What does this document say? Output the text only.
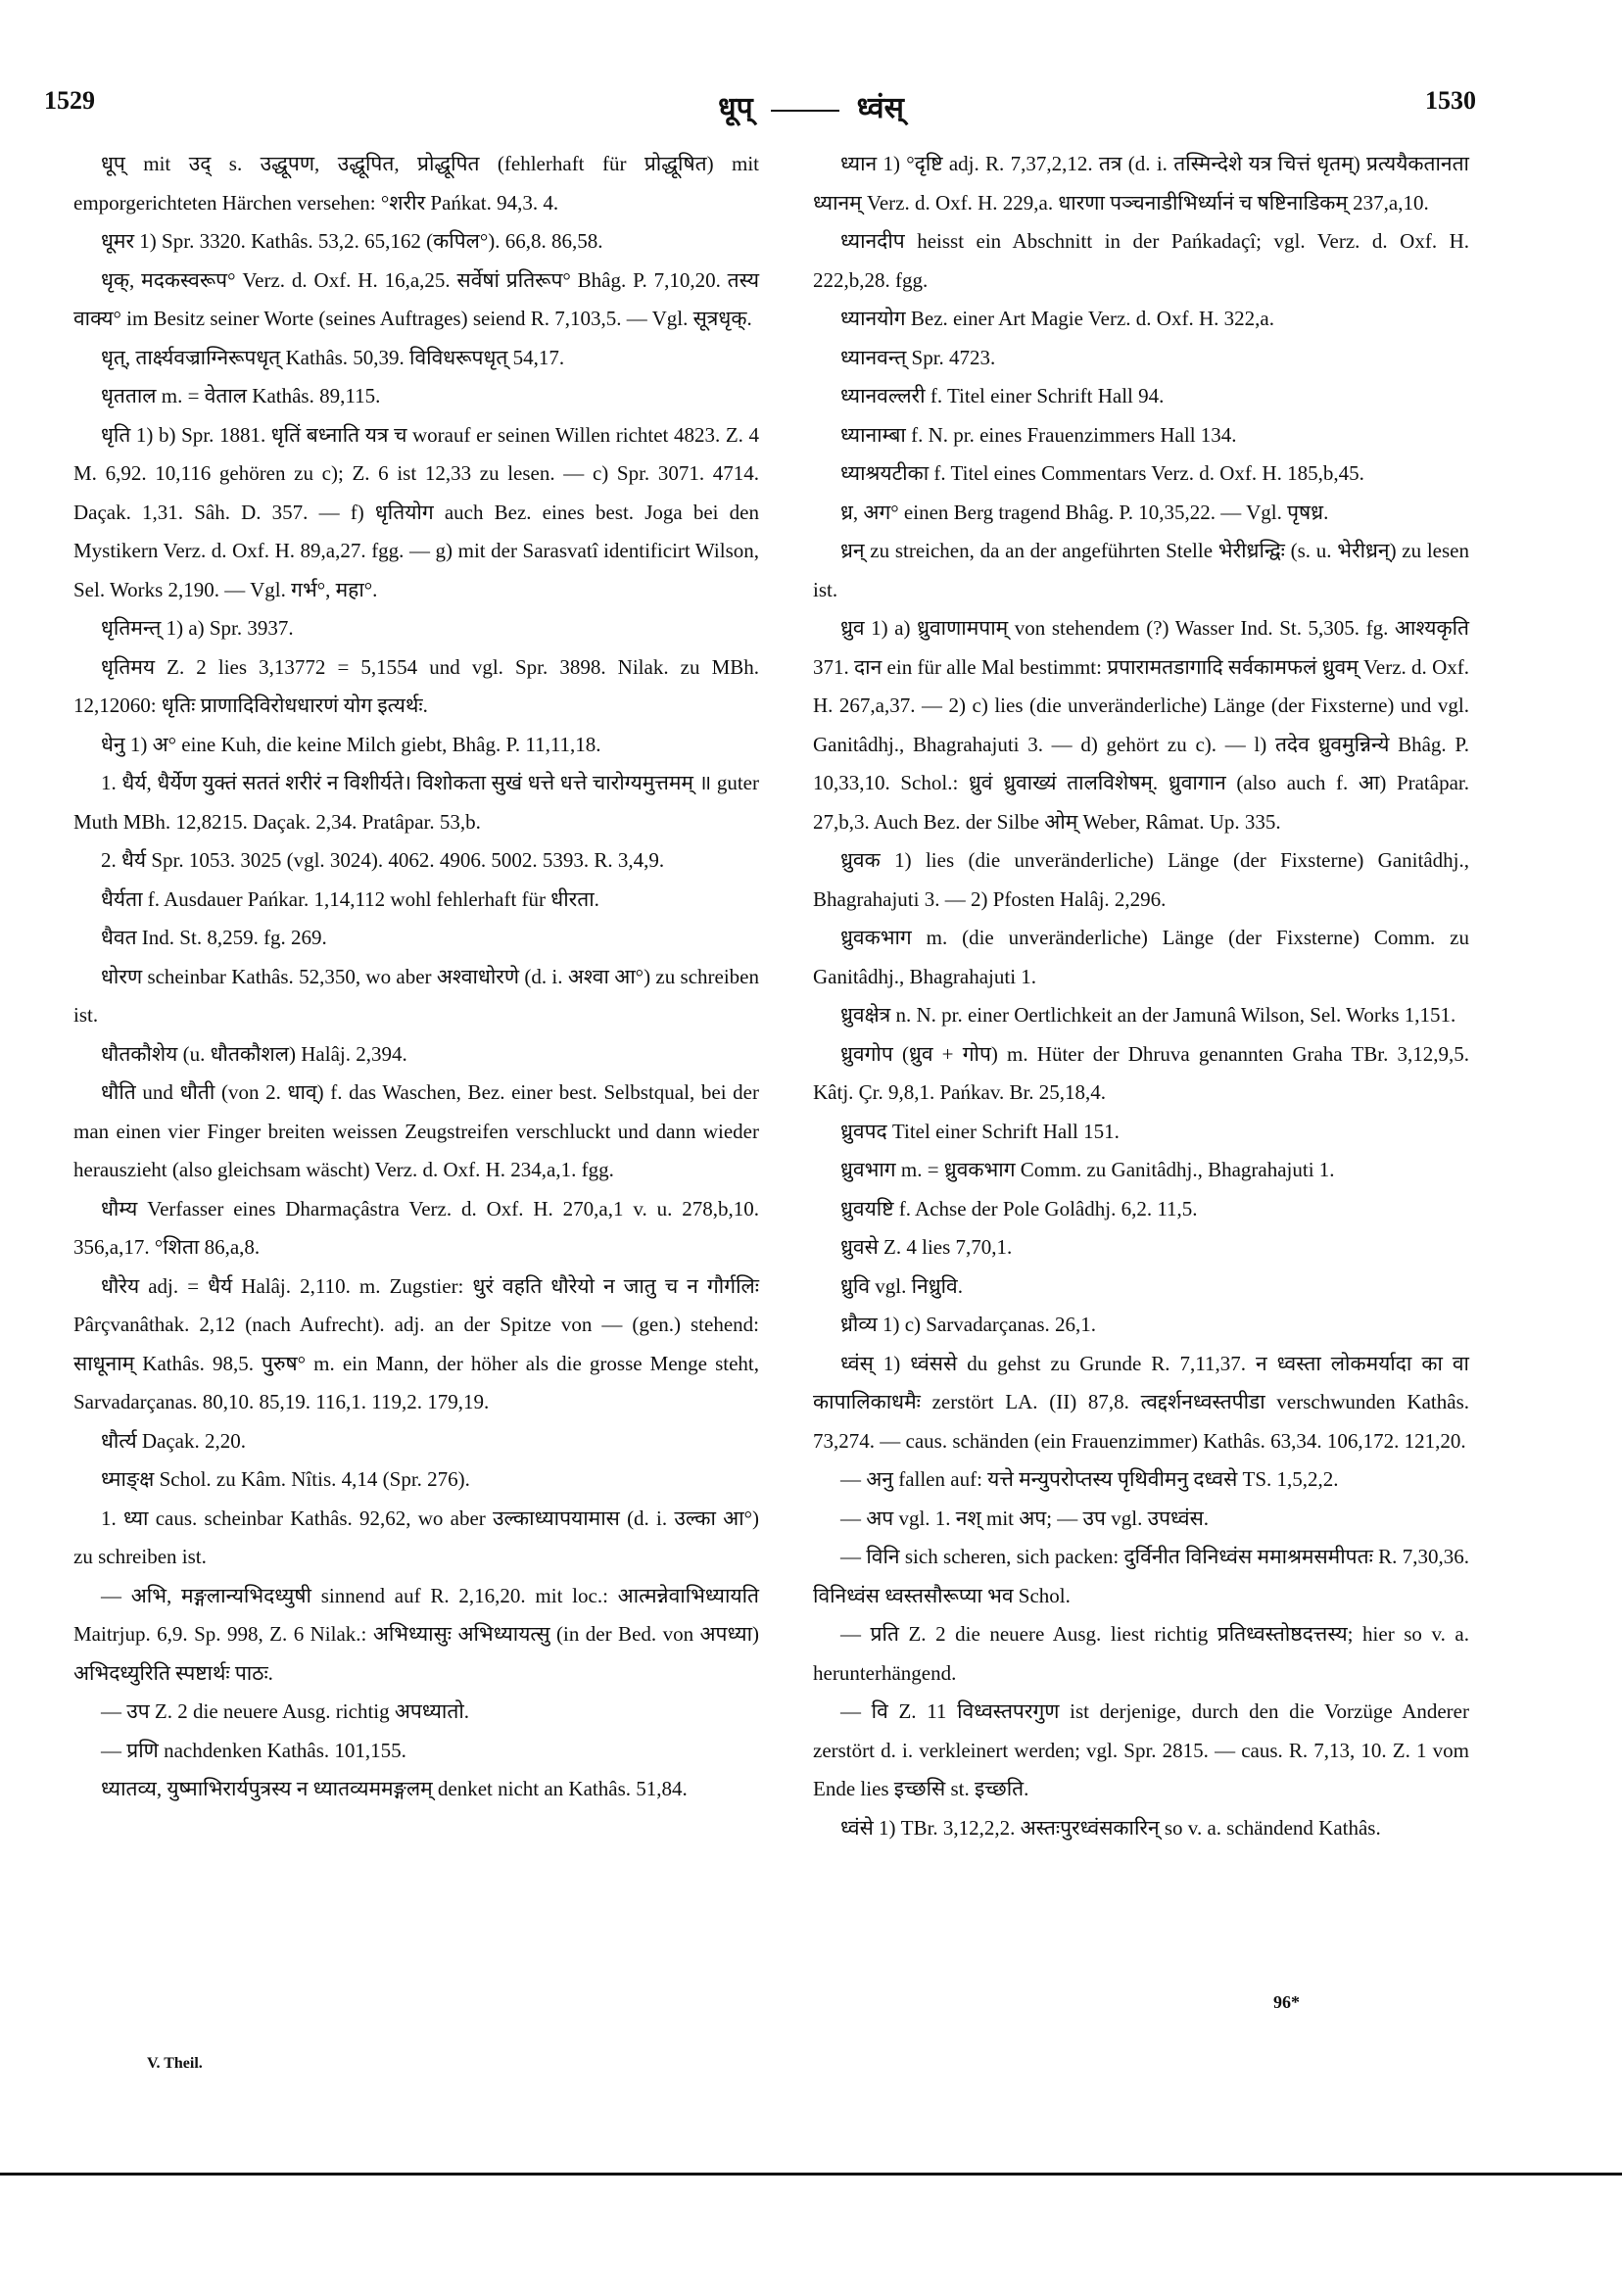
1529	धूप्	ध्वंस्	1530

धूप् mit उद् s. उद्धूपण, उद्धूपित, प्रोद्धूपित (fehlerhaft für प्रोद्धूषित) mit emporgerichteten Härchen versehen: °शरीर Pańkat. 94,3. 4.

धूमर 1) Spr. 3320. Kathâs. 53,2. 65,162 (कपिल°). 66,8. 86,58.

धृक्, मदकस्वरूप° Verz. d. Oxf. H. 16,a,25. सर्वेषां प्रतिरूप° Bhâg. P. 7,10,20. तस्य वाक्य° im Besitz seiner Worte (seines Auftrages) seiend R. 7,103,5. — Vgl. सूत्रधृक्.

धृत्, तार्क्ष्यवज्राग्निरूपधृत् Kathâs. 50,39. विविधरूपधृत् 54,17.

धृतताल m. = वेताल Kathâs. 89,115.

धृति 1) b) Spr. 1881. धृतिं बध्नाति यत्र च worauf er seinen Willen richtet 4823. Z. 4 M. 6,92. 10,116 gehören zu c); Z. 6 ist 12,33 zu lesen. — c) Spr. 3071. 4714. Daçak. 1,31. Sâh. D. 357. — f) धृतियोग auch Bez. eines best. Joga bei den Mystikern Verz. d. Oxf. H. 89,a,27. fgg. — g) mit der Sarasvatî identificirt Wilson, Sel. Works 2,190. — Vgl. गर्भ°, महा°.

धृतिमन्त् 1) a) Spr. 3937.

धृतिमय Z. 2 lies 3,13772 = 5,1554 und vgl. Spr. 3898. Nilak. zu MBh. 12,12060: धृतिः प्राणादिविरोधधारणं योग इत्यर्थः.

धेनु 1) अ° eine Kuh, die keine Milch giebt, Bhâg. P. 11,11,18.

1. धैर्य, धैर्येण युक्तं सततं शरीरं न विशीर्यते। विशोकता सुखं धत्ते धत्ते चारोग्यमुत्तमम् ॥ guter Muth MBh. 12,8215. Daçak. 2,34. Pratâpar. 53,b.

2. धैर्य Spr. 1053. 3025 (vgl. 3024). 4062. 4906. 5002. 5393. R. 3,4,9.

धैर्यता f. Ausdauer Pańkar. 1,14,112 wohl fehlerhaft für धीरता.

धैवत Ind. St. 8,259. fg. 269.

धोरण scheinbar Kathâs. 52,350, wo aber अश्वाधोरणे (d. i. अश्वा आ°) zu schreiben ist.

धौतकौशेय (u. धौतकौशल) Halâj. 2,394.

धौति und धौती (von 2. धाव्) f. das Waschen, Bez. einer best. Selbstqual, bei der man einen vier Finger breiten weissen Zeugstreifen verschluckt und dann wieder herauszieht (also gleichsam wäscht) Verz. d. Oxf. H. 234,a,1. fgg.

धौम्य Verfasser eines Dharmaçâstra Verz. d. Oxf. H. 270,a,1 v. u. 278,b,10. 356,a,17. °शिता 86,a,8.

धौरेय adj. = धैर्य Halâj. 2,110. m. Zugstier: धुरं वहति धौरेयो न जातु च न गौर्गलिः Pârçvanâthak. 2,12 (nach Aufrecht). adj. an der Spitze von — (gen.) stehend: साधूनाम् Kathâs. 98,5. पुरुष° m. ein Mann, der höher als die grosse Menge steht, Sarvadarçanas. 80,10. 85,19. 116,1. 119,2. 179,19.

धौर्त्य Daçak. 2,20.

ध्माङ्क्ष Schol. zu Kâm. Nîtis. 4,14 (Spr. 276).

1. ध्या caus. scheinbar Kathâs. 92,62, wo aber उल्काध्यापयामास (d. i. उल्का आ°) zu schreiben ist.

— अभि, मङ्गलान्यभिदध्युषी sinnend auf R. 2,16,20. mit loc.: आत्मन्नेवाभिध्यायति Maitrjup. 6,9. Sp. 998, Z. 6 Nilak.: अभिध्यासुः अभिध्यायत्सु (in der Bed. von अपध्या) अभिदध्युरिति स्पष्टार्थः पाठः.

— उप Z. 2 die neuere Ausg. richtig अपध्यातो.

— प्रणि nachdenken Kathâs. 101,155.

ध्यातव्य, युष्माभिरार्यपुत्रस्य न ध्यातव्यममङ्गलम् denket nicht an Kathâs. 51,84.

ध्यान 1) °दृष्टि adj. R. 7,37,2,12. तत्र (d. i. तस्मिन्देशे यत्र चित्तं धृतम्) प्रत्ययैकतानता ध्यानम् Verz. d. Oxf. H. 229,a. धारणा पञ्चनाडीभिर्ध्यानं च षष्टिनाडिकम् 237,a,10.

ध्यानदीप heisst ein Abschnitt in der Pańkadaçî; vgl. Verz. d. Oxf. H. 222,b,28. fgg.

ध्यानयोग Bez. einer Art Magie Verz. d. Oxf. H. 322,a.

ध्यानवन्त् Spr. 4723.

ध्यानवल्लरी f. Titel einer Schrift Hall 94.

ध्यानाम्बा f. N. pr. eines Frauenzimmers Hall 134.

ध्याश्रयटीका f. Titel eines Commentars Verz. d. Oxf. H. 185,b,45.

ध्र, अग° einen Berg tragend Bhâg. P. 10,35,22. — Vgl. पृषध्र.

ध्रन् zu streichen, da an der angeführten Stelle भेरीध्रन्द्विः (s. u. भेरीध्रन्) zu lesen ist.

ध्रुव 1) a) ध्रुवाणामपाम् von stehendem (?) Wasser Ind. St. 5,305. fg. आश्यकृति 371. दान ein für alle Mal bestimmt: प्रपारामतडागादि सर्वकामफलं ध्रुवम् Verz. d. Oxf. H. 267,a,37. — 2) c) lies (die unveränderliche) Länge (der Fixsterne) und vgl. Ganitâdhj., Bhagrahajuti 3. — d) gehört zu c). — l) तदेव ध्रुवमुन्निन्ये Bhâg. P. 10,33,10. Schol.: ध्रुवं ध्रुवाख्यं तालविशेषम्. ध्रुवागान (also auch f. आ) Pratâpar. 27,b,3. Auch Bez. der Silbe ओम् Weber, Râmat. Up. 335.

ध्रुवक 1) lies (die unveränderliche) Länge (der Fixsterne) Ganitâdhj., Bhagrahajuti 3. — 2) Pfosten Halâj. 2,296.

ध्रुवकभाग m. (die unveränderliche) Länge (der Fixsterne) Comm. zu Ganitâdhj., Bhagrahajuti 1.

ध्रुवक्षेत्र n. N. pr. einer Oertlichkeit an der Jamunâ Wilson, Sel. Works 1,151.

ध्रुवगोप (ध्रुव + गोप) m. Hüter der Dhruva genannten Graha TBr. 3,12,9,5. Kâtj. Çr. 9,8,1. Pańkav. Br. 25,18,4.

ध्रुवपद Titel einer Schrift Hall 151.

ध्रुवभाग m. = ध्रुवकभाग Comm. zu Ganitâdhj., Bhagrahajuti 1.

ध्रुवयष्टि f. Achse der Pole Golâdhj. 6,2. 11,5.

ध्रुवसे Z. 4 lies 7,70,1.

ध्रुवि vgl. निध्रुवि.

ध्रौव्य 1) c) Sarvadarçanas. 26,1.

ध्वंस् 1) ध्वंससे du gehst zu Grunde R. 7,11,37. न ध्वस्ता लोकमर्यादा का वा कापालिकाधमैः zerstört LA. (II) 87,8. त्वद्दर्शनध्वस्तपीडा verschwunden Kathâs. 73,274. — caus. schänden (ein Frauenzimmer) Kathâs. 63,34. 106,172. 121,20.

— अनु fallen auf: यत्ते मन्युपरोप्तस्य पृथिवीमनु दध्वसे TS. 1,5,2,2.

— अप vgl. 1. नश् mit अप; — उप vgl. उपध्वंस.

— विनि sich scheren, sich packen: दुर्विनीत विनिध्वंस ममाश्रमसमीपतः R. 7,30,36. विनिध्वंस ध्वस्तसौरूप्या भव Schol.

— प्रति Z. 2 die neuere Ausg. liest richtig प्रतिध्वस्तोष्ठदत्तस्य; hier so v. a. herunterhängend.

— वि Z. 11 विध्वस्तपरगुण ist derjenige, durch den die Vorzüge Anderer zerstört d. i. verkleinert werden; vgl. Spr. 2815. — caus. R. 7,13, 10. Z. 1 vom Ende lies इच्छसि st. इच्छति.

ध्वंसे 1) TBr. 3,12,2,2. अस्तःपुरध्वंसकारिन् so v. a. schändend Kathâs.

V. Theil.
96*
